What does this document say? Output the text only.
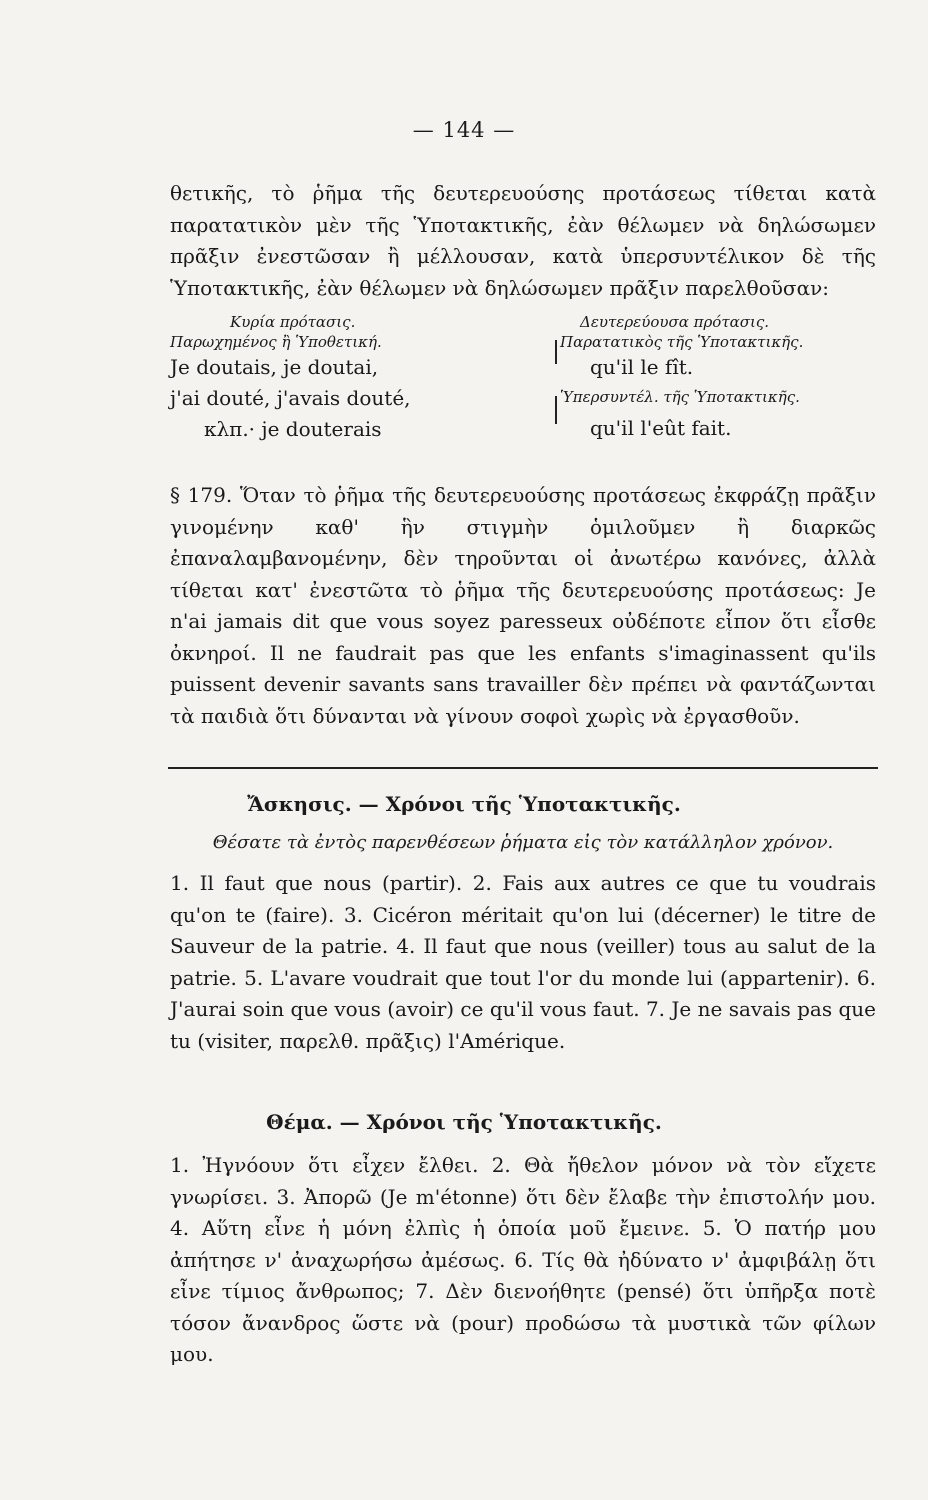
— 144 —

θετικῆς, τὸ ῥῆμα τῆς δευτερευούσης προτάσεως τίθεται κατὰ παρατατικὸν μὲν τῆς Ὑποτακτικῆς, ἐὰν θέλωμεν νὰ δηλώσωμεν πρᾶξιν ἐνεστῶσαν ἢ μέλλουσαν, κατὰ ὑπερσυντέλικον δὲ τῆς Ὑποτακτικῆς, ἐὰν θέλωμεν νὰ δηλώσωμεν πρᾶξιν παρελθοῦσαν:

Κυρία πρότασις.
Παρωχημένος ἢ Ὑποθετική.
Je doutais, je doutai,
j'ai douté, j'avais douté,
κλπ.· je douterais
Δευτερεύουσα πρότασις.
Παρατατικὸς τῆς Ὑποτακτικῆς.
qu'il le fît.
Ὑπερσυντέλ. τῆς Ὑποτακτικῆς.
qu'il l'eût fait.

§ 179. Ὅταν τὸ ῥῆμα τῆς δευτερευούσης προτάσεως ἐκφράζῃ πρᾶξιν γινομένην καθ' ἣν στιγμὴν ὁμιλοῦμεν ἢ διαρκῶς ἐπαναλαμβανομένην, δὲν τηροῦνται οἱ ἀνωτέρω κανόνες, ἀλλὰ τίθεται κατ' ἐνεστῶτα τὸ ῥῆμα τῆς δευτερευούσης προτάσεως: Je n'ai jamais dit que vous soyez paresseux οὐδέποτε εἶπον ὅτι εἶσθε ὀκνηροί. Il ne faudrait pas que les enfants s'imaginassent qu'ils puissent devenir savants sans travailler δὲν πρέπει νὰ φαντάζωνται τὰ παιδιὰ ὅτι δύνανται νὰ γίνουν σοφοὶ χωρὶς νὰ ἐργασθοῦν.

Ἄσκησις. — Χρόνοι τῆς Ὑποτακτικῆς.
Θέσατε τὰ ἐντὸς παρενθέσεων ῥήματα εἰς τὸν κατάλληλον χρόνον.

1. Il faut que nous (partir). 2. Fais aux autres ce que tu voudrais qu'on te (faire). 3. Cicéron méritait qu'on lui (décerner) le titre de Sauveur de la patrie. 4. Il faut que nous (veiller) tous au salut de la patrie. 5. L'avare voudrait que tout l'or du monde lui (appartenir). 6. J'aurai soin que vous (avoir) ce qu'il vous faut. 7. Je ne savais pas que tu (visiter, παρελθ. πρᾶξις) l'Amérique.

Θέμα. — Χρόνοι τῆς Ὑποτακτικῆς.

1. Ἠγνόουν ὅτι εἶχεν ἔλθει. 2. Θὰ ἤθελον μόνον νὰ τὸν εἴχετε γνωρίσει. 3. Ἀπορῶ (Je m'étonne) ὅτι δὲν ἔλαβε τὴν ἐπιστολήν μου. 4. Αὕτη εἶνε ἡ μόνη ἐλπὶς ἡ ὁποία μοῦ ἔμεινε. 5. Ὁ πατήρ μου ἀπήτησε ν' ἀναχωρήσω ἀμέσως. 6. Τίς θὰ ἠδύνατο ν' ἀμφιβάλῃ ὅτι εἶνε τίμιος ἄνθρωπος; 7. Δὲν διενοήθητε (pensé) ὅτι ὑπῆρξα ποτὲ τόσον ἄνανδρος ὥστε νὰ (pour) προδώσω τὰ μυστικὰ τῶν φίλων μου.
